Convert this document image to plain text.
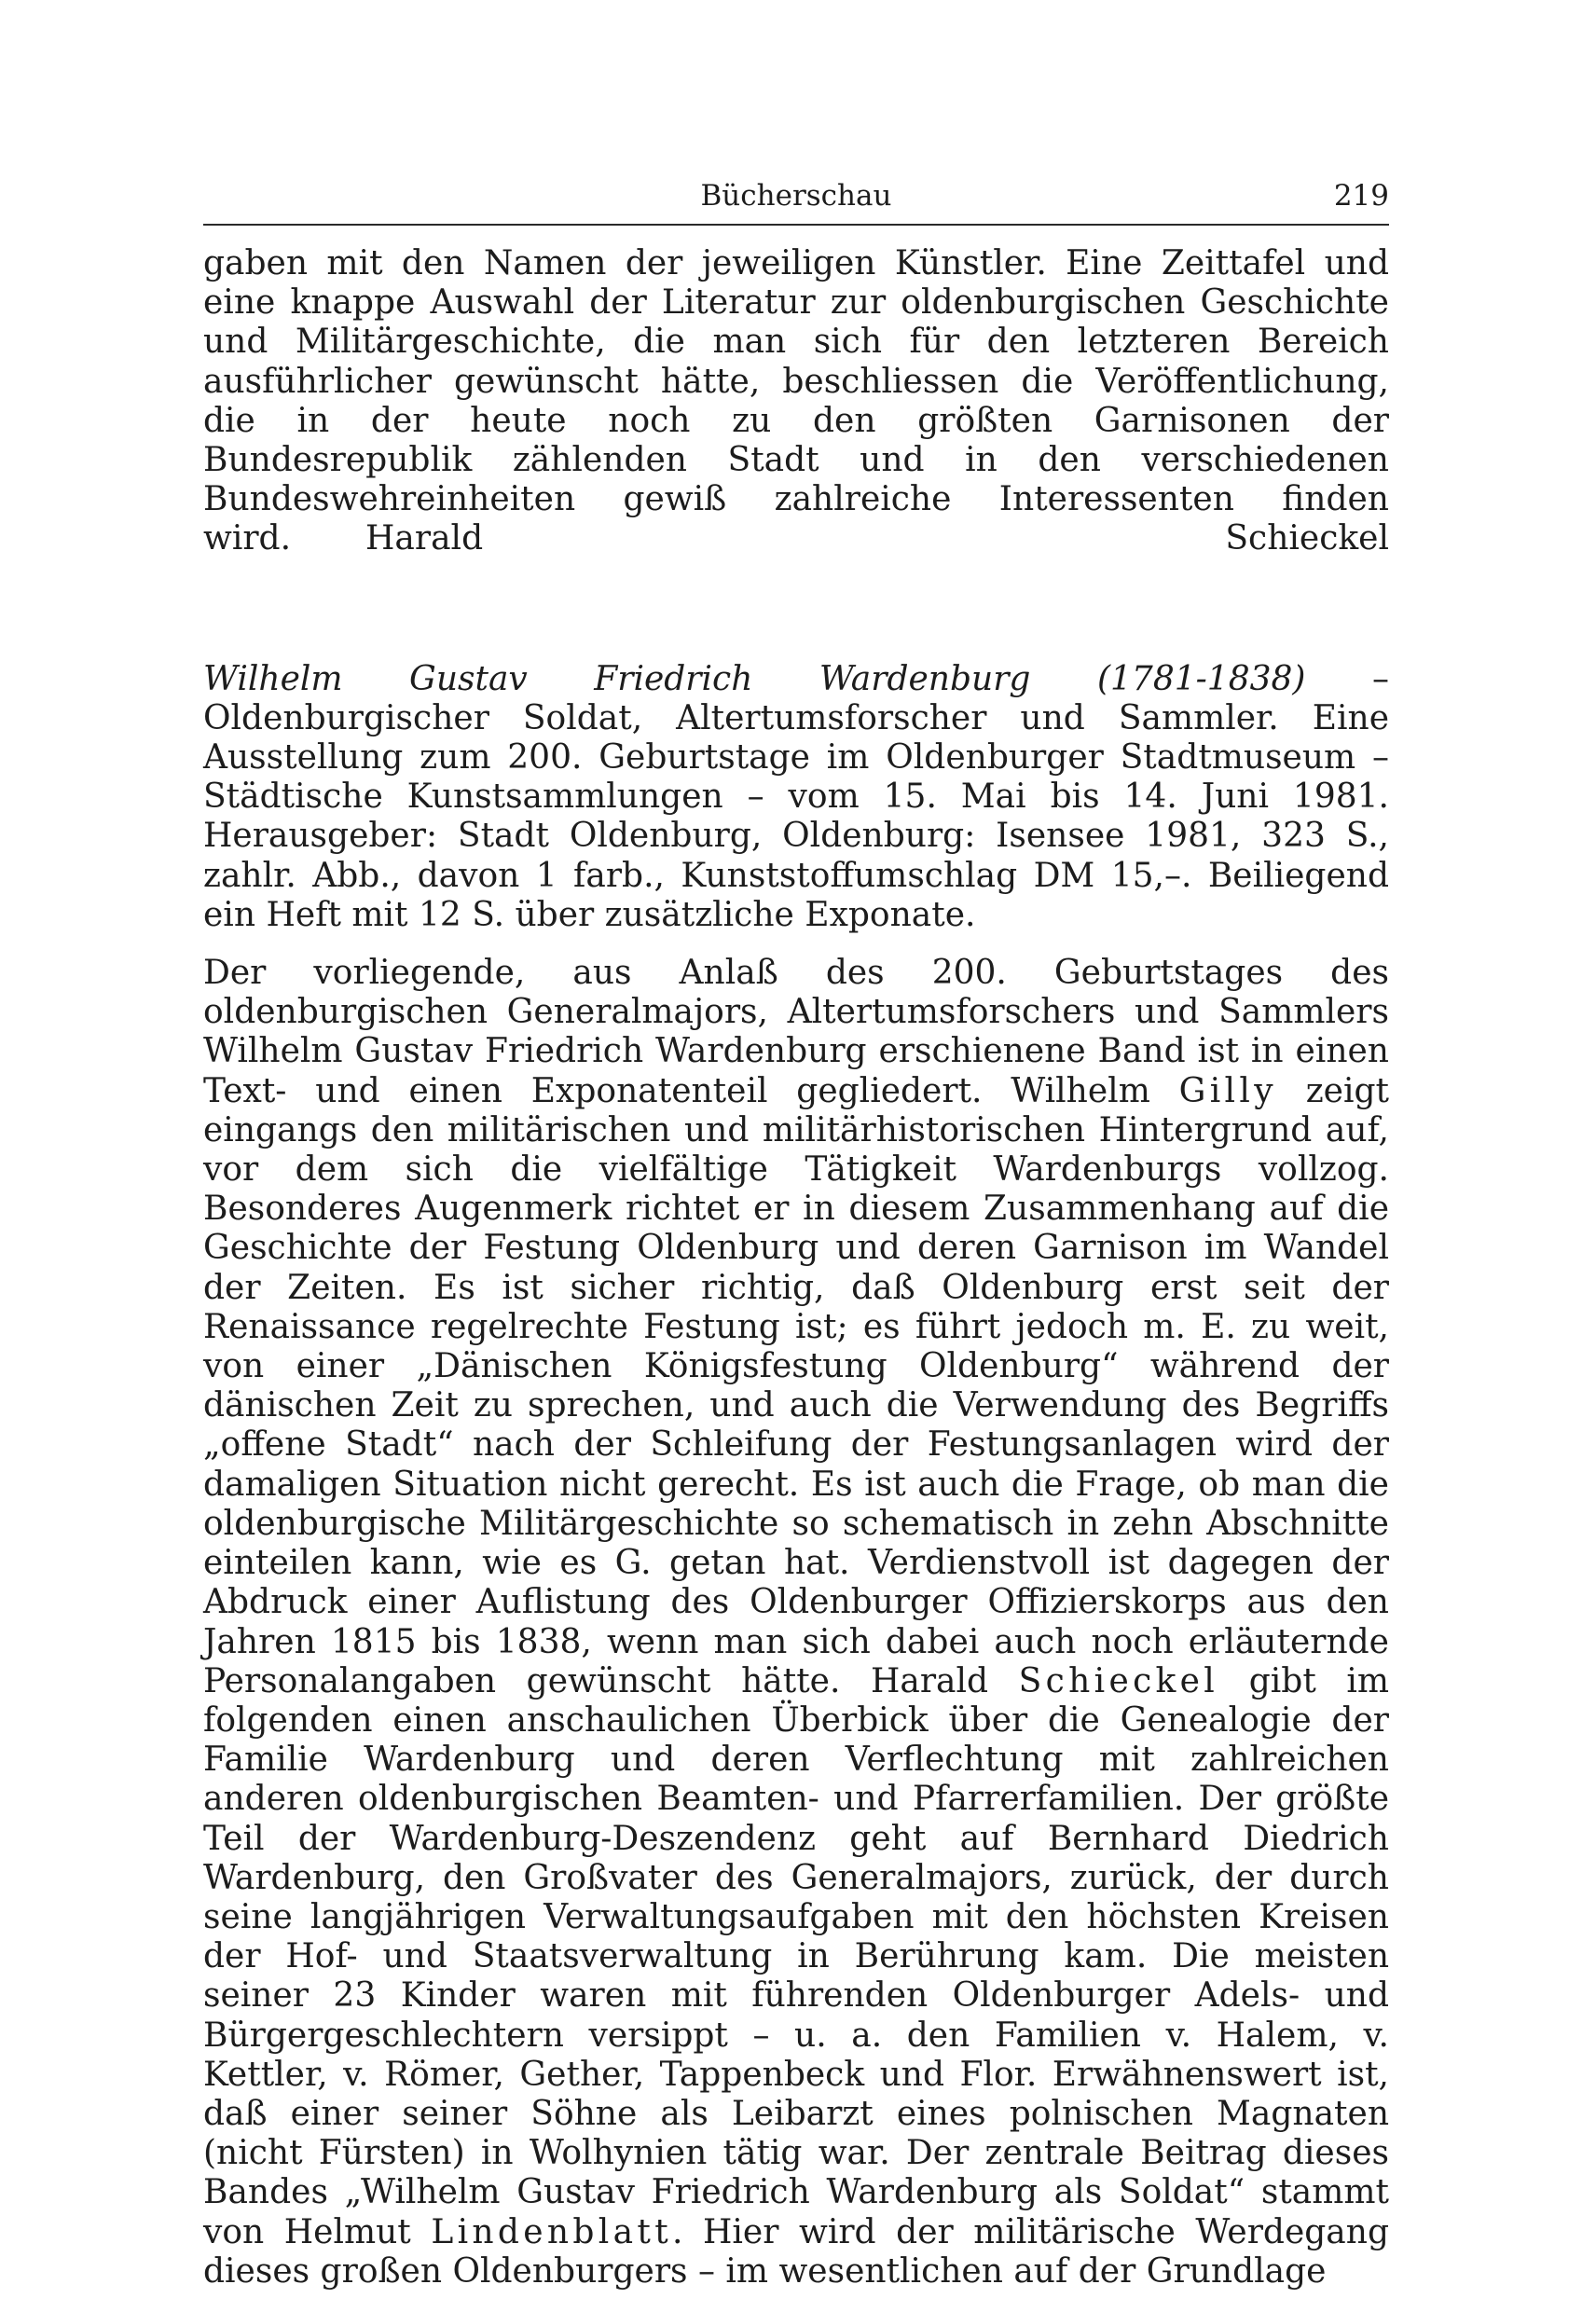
Bücherschau	219

gaben mit den Namen der jeweiligen Künstler. Eine Zeittafel und eine knappe Auswahl der Literatur zur oldenburgischen Geschichte und Militärgeschichte, die man sich für den letzteren Bereich ausführlicher gewünscht hätte, beschliessen die Veröffentlichung, die in der heute noch zu den größten Garnisonen der Bundesrepublik zählenden Stadt und in den verschiedenen Bundeswehreinheiten gewiß zahlreiche Interessenten finden wird. Harald Schieckel

Wilhelm Gustav Friedrich Wardenburg (1781-1838) – Oldenburgischer Soldat, Altertumsforscher und Sammler. Eine Ausstellung zum 200. Geburtstage im Oldenburger Stadtmuseum – Städtische Kunstsammlungen – vom 15. Mai bis 14. Juni 1981. Herausgeber: Stadt Oldenburg, Oldenburg: Isensee 1981, 323 S., zahlr. Abb., davon 1 farb., Kunststoffumschlag DM 15,–. Beiliegend ein Heft mit 12 S. über zusätzliche Exponate.

Der vorliegende, aus Anlaß des 200. Geburtstages des oldenburgischen Generalmajors, Altertumsforschers und Sammlers Wilhelm Gustav Friedrich Wardenburg erschienene Band ist in einen Text- und einen Exponatenteil gegliedert. Wilhelm Gilly zeigt eingangs den militärischen und militärhistorischen Hintergrund auf, vor dem sich die vielfältige Tätigkeit Wardenburgs vollzog. Besonderes Augenmerk richtet er in diesem Zusammenhang auf die Geschichte der Festung Oldenburg und deren Garnison im Wandel der Zeiten. Es ist sicher richtig, daß Oldenburg erst seit der Renaissance regelrechte Festung ist; es führt jedoch m. E. zu weit, von einer „Dänischen Königsfestung Oldenburg“ während der dänischen Zeit zu sprechen, und auch die Verwendung des Begriffs „offene Stadt“ nach der Schleifung der Festungsanlagen wird der damaligen Situation nicht gerecht. Es ist auch die Frage, ob man die oldenburgische Militärgeschichte so schematisch in zehn Abschnitte einteilen kann, wie es G. getan hat. Verdienstvoll ist dagegen der Abdruck einer Auflistung des Oldenburger Offizierskorps aus den Jahren 1815 bis 1838, wenn man sich dabei auch noch erläuternde Personalangaben gewünscht hätte. Harald Schieckel gibt im folgenden einen anschaulichen Überbick über die Genealogie der Familie Wardenburg und deren Verflechtung mit zahlreichen anderen oldenburgischen Beamten- und Pfarrerfamilien. Der größte Teil der Wardenburg-Deszendenz geht auf Bernhard Diedrich Wardenburg, den Großvater des Generalmajors, zurück, der durch seine langjährigen Verwaltungsaufgaben mit den höchsten Kreisen der Hof- und Staatsverwaltung in Berührung kam. Die meisten seiner 23 Kinder waren mit führenden Oldenburger Adels- und Bürgergeschlechtern versippt – u. a. den Familien v. Halem, v. Kettler, v. Römer, Gether, Tappenbeck und Flor. Erwähnenswert ist, daß einer seiner Söhne als Leibarzt eines polnischen Magnaten (nicht Fürsten) in Wolhynien tätig war. Der zentrale Beitrag dieses Bandes „Wilhelm Gustav Friedrich Wardenburg als Soldat“ stammt von Helmut Lindenblatt. Hier wird der militärische Werdegang dieses großen Oldenburgers – im wesentlichen auf der Grundlage
